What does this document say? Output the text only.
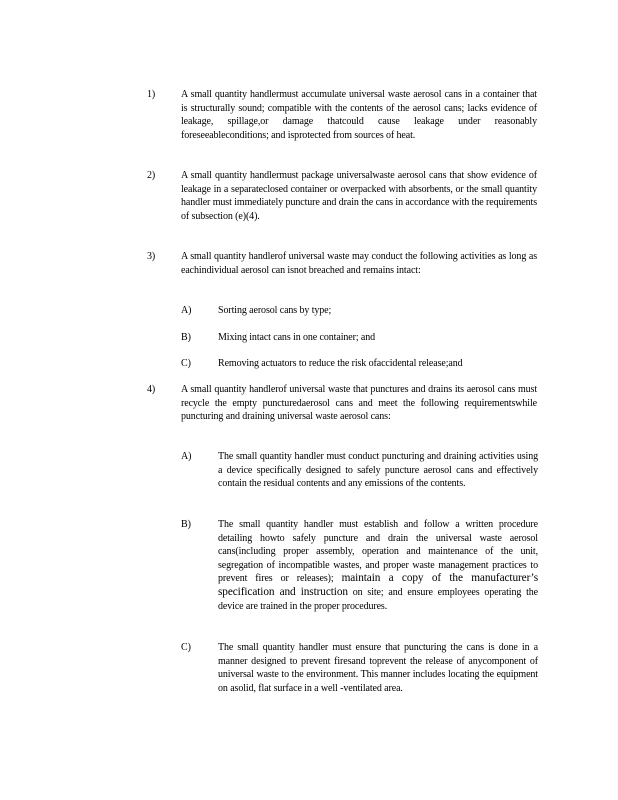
1)	A small quantity handlermust accumulate universal waste aerosol cans in a container that is structurally sound; compatible with the contents of the aerosol cans; lacks evidence of leakage, spillage,or damage thatcould cause leakage under reasonably foreseeableconditions; and isprotected from sources of heat.

2)	A small quantity handlermust package universalwaste aerosol cans that show evidence of leakage in a separateclosed container or overpacked with absorbents, or the small quantity handler must immediately puncture and drain the cans in accordance with the requirements of subsection (e)(4).

3)	A small quantity handlerof universal waste may conduct the following activities as long as eachindividual aerosol can isnot breached and remains intact:

A)	Sorting aerosol cans by type;

B)	Mixing intact cans in one container; and

C)	Removing actuators to reduce the risk ofaccidental release;and

4)	A small quantity handlerof universal waste that punctures and drains its aerosol cans must recycle the empty puncturedaerosol cans and meet the following requirementswhile puncturing and draining universal waste aerosol cans:

A)	The small quantity handler must conduct puncturing and draining activities using a device specifically designed to safely puncture aerosol cans and effectively contain the residual contents and any emissions of the contents.

B)	The small quantity handler must establish and follow a written procedure detailing howto safely puncture and drain the universal waste aerosol cans(including proper assembly, operation and maintenance of the unit, segregation of incompatible wastes, and proper waste management practices to prevent fires or releases); maintain a copy of the manufacturer’s specification and instruction on site; and ensure employees operating the device are trained in the proper procedures.

C)	The small quantity handler must ensure that puncturing the cans is done in a manner designed to prevent firesand toprevent the release of anycomponent of universal waste to the environment. This manner includes locating the equipment on asolid, flat surface in a well -ventilated area.
